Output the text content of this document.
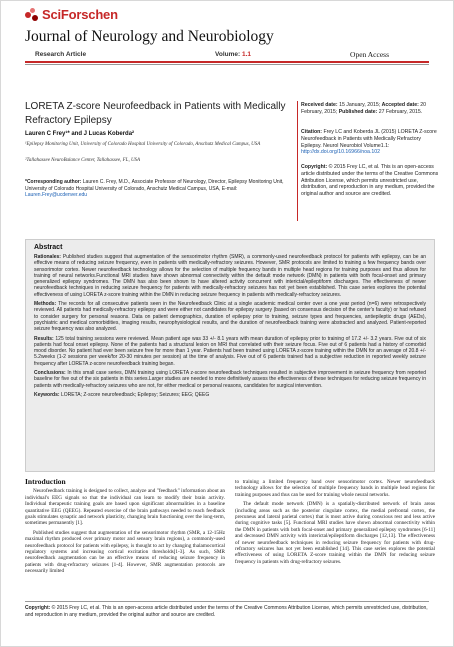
SciForschen
Journal of Neurology and Neurobiology
Research Article	Volume: 1.1	Open Access
LORETA Z-score Neurofeedback in Patients with Medically Refractory Epilepsy
Lauren C Frey¹* and J Lucas Koberda²
¹Epilepsy Monitoring Unit, University of Colorado Hospital University of Colorado, Anschutz Medical Campus, USA
²Tallahassee NeuroBalance Center, Tallahassee, FL, USA
*Corresponding author: Lauren C. Frey, M.D., Associate Professor of Neurology, Director, Epilepsy Monitoring Unit, University of Colorado Hospital University of Colorado, Anschutz Medical Campus, USA, E-mail: Lauren.Frey@ucdenver.edu
Received date: 15 January, 2015; Accepted date: 20 February, 2015; Published date: 27 February, 2015.
Citation: Frey LC and Koberda JL (2015) LORETA Z-score Neurofeedback in Patients with Medically Refractory Epilepsy. Neurol Neurobiol Volume1.1: http://dx.doi.org/10.16966/noa.102
Copyright: © 2015 Frey LC, et al. This is an open-access article distributed under the terms of the Creative Commons Attribution License, which permits unrestricted use, distribution, and reproduction in any medium, provided the original author and source are credited.
Abstract

Rationales: Published studies suggest that augmentation of the sensorimotor rhythm (SMR), a commonly-used neurofeedback protocol for patients with epilepsy, can be an effective means of reducing seizure frequency, even in patients with medically-refractory seizures. However, SMR protocols are limited to training a few frequency bands over sensorimotor cortex. Newer neurofeedback technology allows for the selection of multiple frequency bands in multiple head regions for training purposes and thus allows for training of neural networks.Functional MRI studies have shown abnormal connectivity within the default mode network (DMN) in patients with both focal-onset and primary generalized epilepsy syndromes. The DMN has also been shown to have altered activity concurrent with interictal/epileptiform discharges. The effectiveness of newer neurofeedback techniques in reducing seizure frequency for patients with medically-refractory seizures has not yet been established. This case series explores the potential effectiveness of using LORETA z-score training within the DMN in reducing seizure frequency in patients with medically-refractory seizures.

Methods: The records for all consecutive patients seen in the Neurofeedback Clinic at a single academic medical center over a one year period (n=6) were retrospectively reviewed. All patients had medically-refractory epilepsy and were either not candidates for epilepsy surgery (based on consensus decision of the center's faculty) or had refused to consider surgery for personal reasons. Data on patient demographics, duration of epilepsy prior to training, seizure types and frequencies, antiepileptic drugs (AEDs), psychiatric and medical comorbidities, imaging results, neurophysiological results, and the duration of neurofeedback training were abstracted and analyzed. Patient-reported seizure frequency was also analyzed.

Results: 125 total training sessions were reviewed. Mean patient age was 33 +/- 8.1 years with mean duration of epilepsy prior to training of 17.2 +/- 3.2 years. Five out of six patients had focal onset epilepsy. None of the patients had a structural lesion on MRI that correlated with their seizure focus. Five out of 6 patients had a history of comorbid mood disorder. No patient had ever been seizure free for more than 1 year. Patients had been trained using LORETA z-score training within the DMN for an average of 20.8 +/- 5.2weeks (1-2 sessions per week/for 20-30 minutes per session) at the time of analysis. Five out of 6 patients trained had a subjective reduction in reported weekly seizure frequency after LORETA z-score neurofeedback training began.

Conclusions: In this small case series, DMN training using LORETA z-score neurofeedback techniques resulted in subjective improvement in seizure frequency from reported baseline for five out of the six patients in this series.Larger studies are needed to more definitively assess the effectiveness of these techniques for reducing seizure frequency in patients with medically-refractory seizures who are not, for either medical or personal reasons, candidates for surgical intervention.

Keywords: LORETA; Z-score neurofeedback; Epilepsy; Seizures; EEG; QEEG

Introduction

Neurofeedback training is designed to collect, analyze and "feedback" information about an individual's EEG signals so that the individual can learn to modify their brain activity. Individual therapeutic training goals are based upon significant abnormalities in a baseline quantitative EEG (QEEG). Repeated exercise of the brain pathways needed to reach feedback goals stimulates synaptic and network plasticity, changing brain functioning over the long-term, sometimes permanently [1].

Published studies suggest that augmentation of the sensorimotor rhythm (SMR, a 12-15Hz maximal rhythm produced over primary motor and sensory brain regions), a commonly-used neurofeedback protocol for patients with epilepsy, is thought to act by changing thalamocortical regulatory systems and increasing cortical excitation thresholds[1-3]. As such, SMR neurofeedback augmentation can be an effective means of reducing seizure frequency in patients with drug-refractory seizures [1-4]. However, SMR augmentation protocols are necessarily limited

to training a limited frequency band over sensorimotor cortex. Newer neurofeedback technology allows for the selection of multiple frequency bands in multiple head regions for training purposes and thus can be used for training whole neural networks.

The default mode network (DMN) is a spatially-distributed network of brain areas (including areas such as the posterior cingulate cortex, the medial prefrontal cortex, the precuneus and lateral parietal cortex) that is most active during conscious rest and less active during cognitive tasks [5]. Functional MRI studies have shown abnormal connectivity within the DMN in patients with both focal-onset and primary generalized epilepsy syndromes [6-11] and decreased DMN activity with interictal/epileptiform discharges [12,13]. The effectiveness of newer neurofeedback techniques in reducing seizure frequency for patients with drug-refractory seizures has not yet been established [14]. This case series explores the potential effectiveness of using LORETA Z-score training within the DMN for reducing seizure frequency in patients with drug-refractory seizures.

Copyright: © 2015 Frey LC, et al. This is an open-access article distributed under the terms of the Creative Commons Attribution License, which permits unrestricted use, distribution, and reproduction in any medium, provided the original author and source are credited.
